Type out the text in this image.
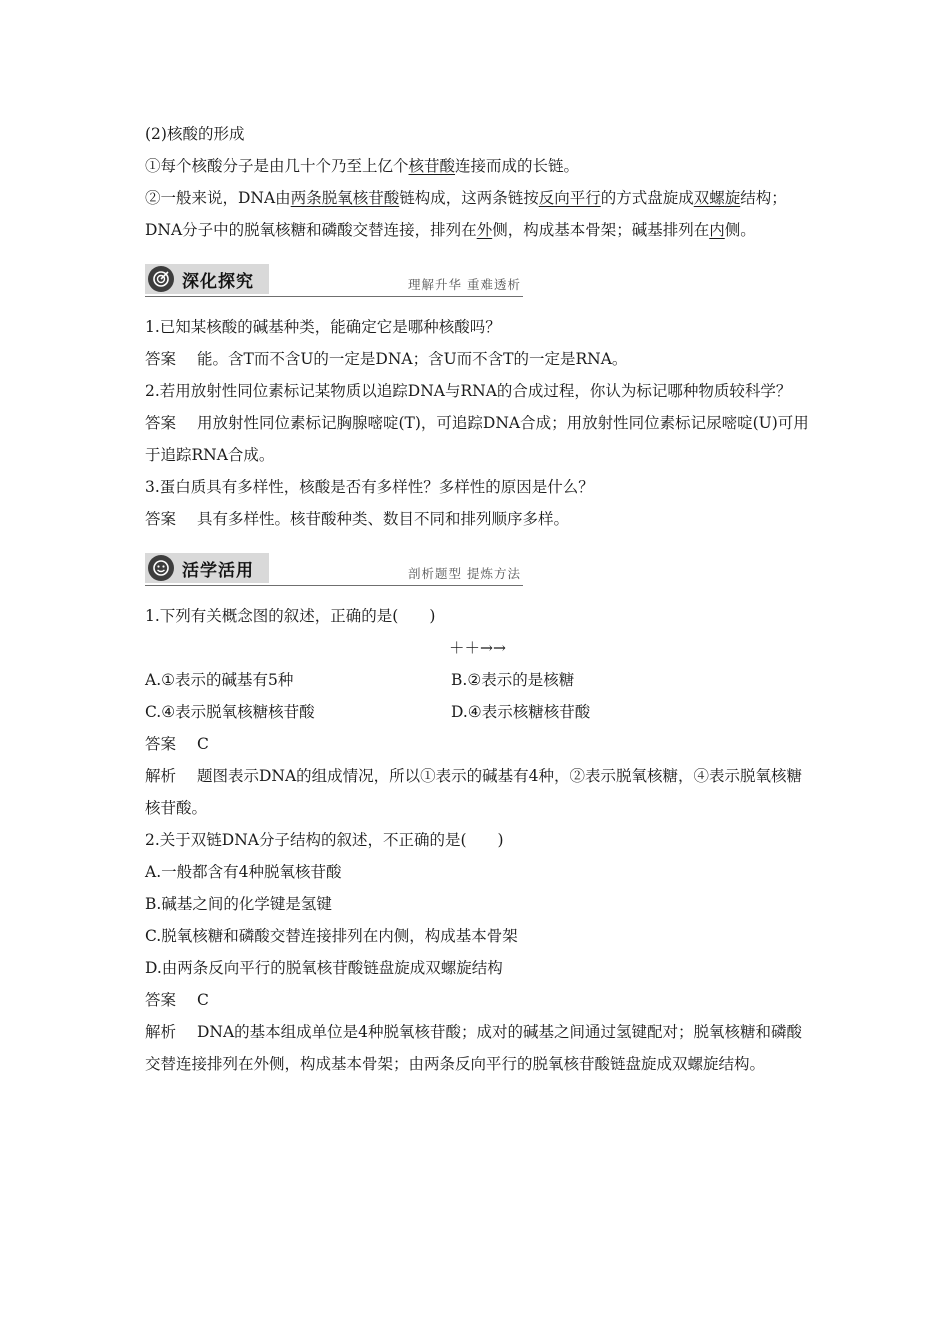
(2)核酸的形成
①每个核酸分子是由几十个乃至上亿个核苷酸连接而成的长链。
②一般来说，DNA由两条脱氧核苷酸链构成，这两条链按反向平行的方式盘旋成双螺旋结构；DNA分子中的脱氧核糖和磷酸交替连接，排列在外侧，构成基本骨架；碱基排列在内侧。
深化探究	理解升华 重难透析
1.已知某核酸的碱基种类，能确定它是哪种核酸吗？
答案 能。含T而不含U的一定是DNA；含U而不含T的一定是RNA。
2.若用放射性同位素标记某物质以追踪DNA与RNA的合成过程，你认为标记哪种物质较科学？
答案 用放射性同位素标记胸腺嘧啶(T)，可追踪DNA合成；用放射性同位素标记尿嘧啶(U)可用于追踪RNA合成。
3.蛋白质具有多样性，核酸是否有多样性？多样性的原因是什么？
答案 具有多样性。核苷酸种类、数目不同和排列顺序多样。
活学活用	剖析题型 提炼方法
1.下列有关概念图的叙述，正确的是(　　)
＋＋→→
A.①表示的碱基有5种	B.②表示的是核糖
C.④表示脱氧核糖核苷酸	D.④表示核糖核苷酸
答案 C
解析 题图表示DNA的组成情况，所以①表示的碱基有4种，②表示脱氧核糖，④表示脱氧核糖核苷酸。
2.关于双链DNA分子结构的叙述，不正确的是(　　)
A.一般都含有4种脱氧核苷酸
B.碱基之间的化学键是氢键
C.脱氧核糖和磷酸交替连接排列在内侧，构成基本骨架
D.由两条反向平行的脱氧核苷酸链盘旋成双螺旋结构
答案 C
解析 DNA的基本组成单位是4种脱氧核苷酸；成对的碱基之间通过氢键配对；脱氧核糖和磷酸交替连接排列在外侧，构成基本骨架；由两条反向平行的脱氧核苷酸链盘旋成双螺旋结构。
